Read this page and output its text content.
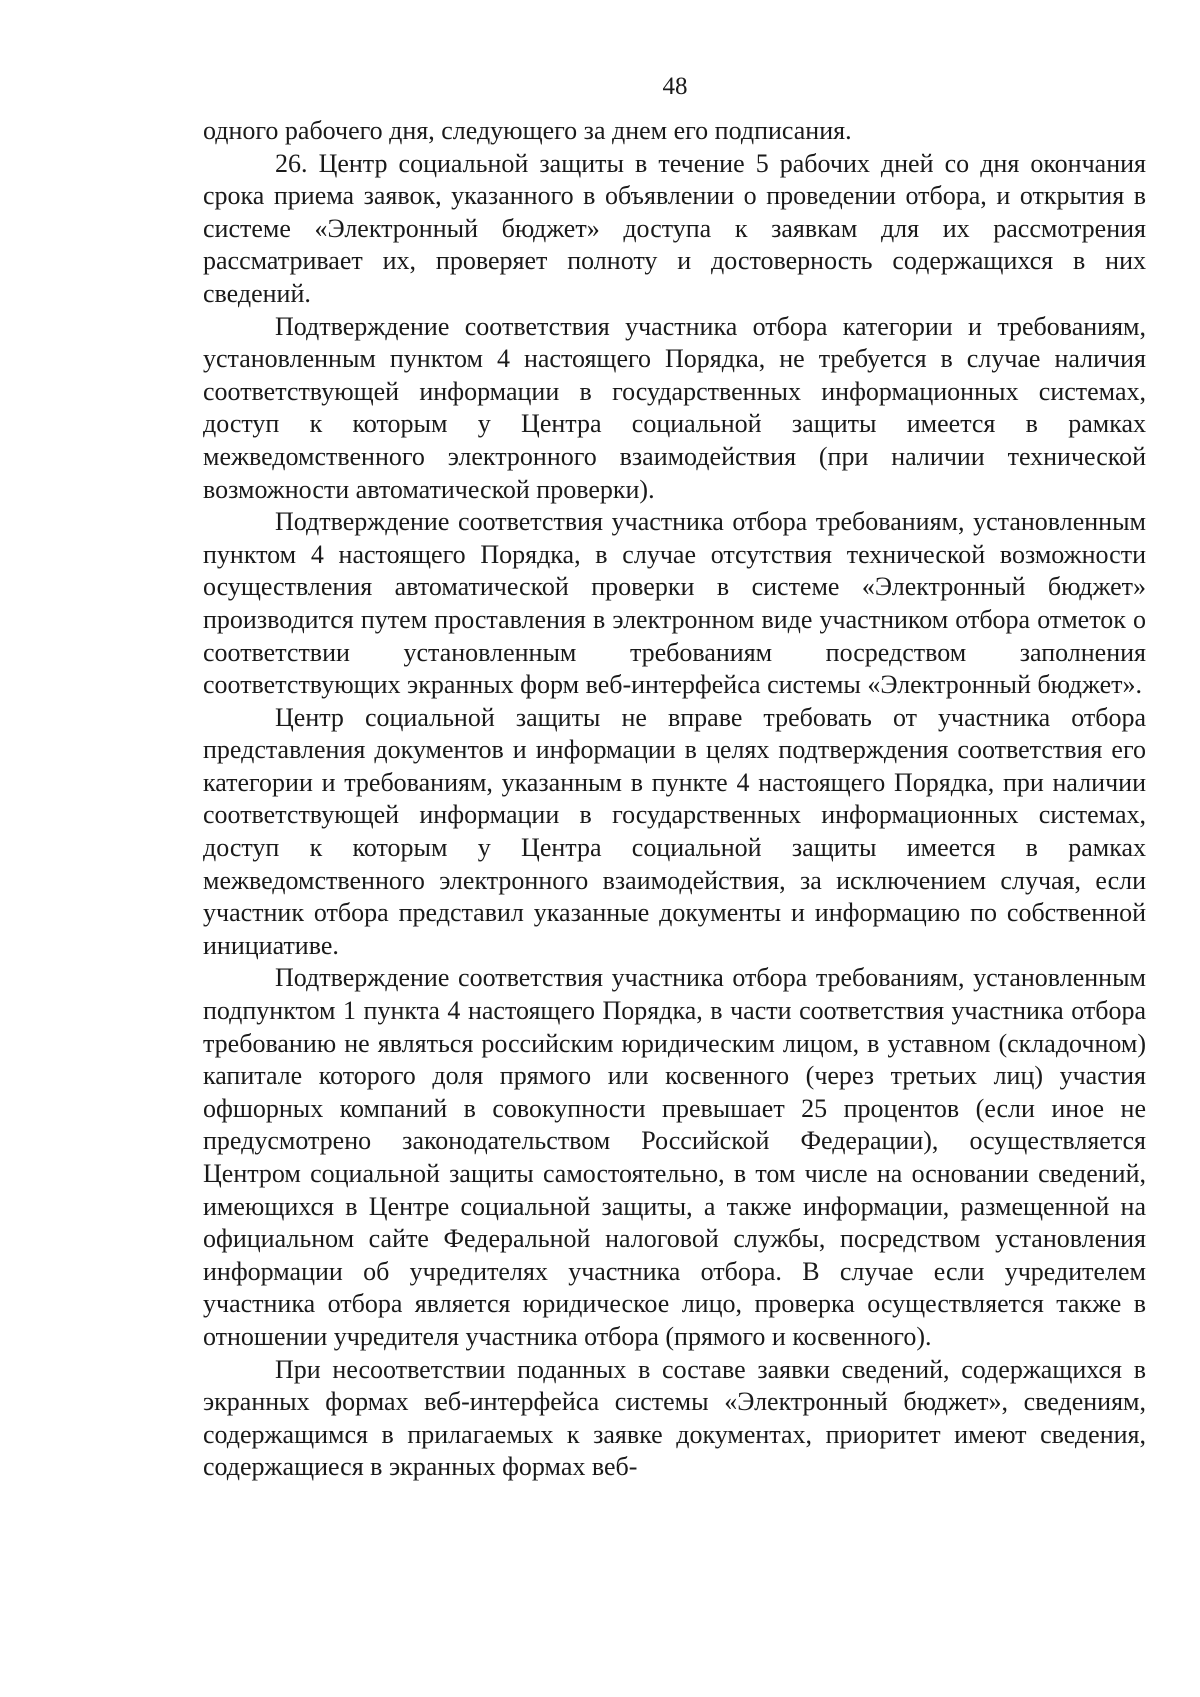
48

одного рабочего дня, следующего за днем его подписания.

26. Центр социальной защиты в течение 5 рабочих дней со дня окончания срока приема заявок, указанного в объявлении о проведении отбора, и открытия в системе «Электронный бюджет» доступа к заявкам для их рассмотрения рассматривает их, проверяет полноту и достоверность содержащихся в них сведений.

Подтверждение соответствия участника отбора категории и требованиям, установленным пунктом 4 настоящего Порядка, не требуется в случае наличия соответствующей информации в государственных информационных системах, доступ к которым у Центра социальной защиты имеется в рамках межведомственного электронного взаимодействия (при наличии технической возможности автоматической проверки).

Подтверждение соответствия участника отбора требованиям, установленным пунктом 4 настоящего Порядка, в случае отсутствия технической возможности осуществления автоматической проверки в системе «Электронный бюджет» производится путем проставления в электронном виде участником отбора отметок о соответствии установленным требованиям посредством заполнения соответствующих экранных форм веб-интерфейса системы «Электронный бюджет».

Центр социальной защиты не вправе требовать от участника отбора представления документов и информации в целях подтверждения соответствия его категории и требованиям, указанным в пункте 4 настоящего Порядка, при наличии соответствующей информации в государственных информационных системах, доступ к которым у Центра социальной защиты имеется в рамках межведомственного электронного взаимодействия, за исключением случая, если участник отбора представил указанные документы и информацию по собственной инициативе.

Подтверждение соответствия участника отбора требованиям, установленным подпунктом 1 пункта 4 настоящего Порядка, в части соответствия участника отбора требованию не являться российским юридическим лицом, в уставном (складочном) капитале которого доля прямого или косвенного (через третьих лиц) участия офшорных компаний в совокупности превышает 25 процентов (если иное не предусмотрено законодательством Российской Федерации), осуществляется Центром социальной защиты самостоятельно, в том числе на основании сведений, имеющихся в Центре социальной защиты, а также информации, размещенной на официальном сайте Федеральной налоговой службы, посредством установления информации об учредителях участника отбора. В случае если учредителем участника отбора является юридическое лицо, проверка осуществляется также в отношении учредителя участника отбора (прямого и косвенного).

При несоответствии поданных в составе заявки сведений, содержащихся в экранных формах веб-интерфейса системы «Электронный бюджет», сведениям, содержащимся в прилагаемых к заявке документах, приоритет имеют сведения, содержащиеся в экранных формах веб-
